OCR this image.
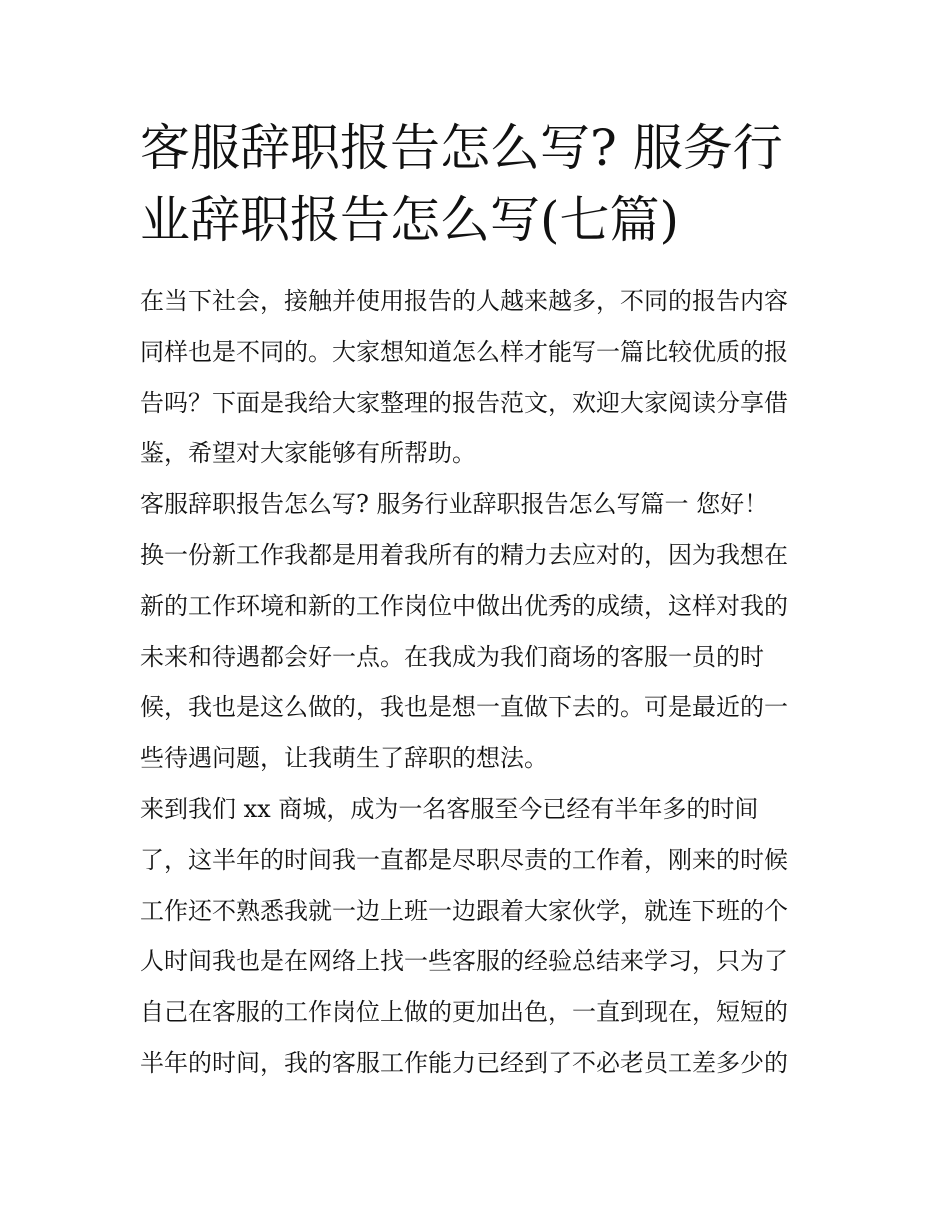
客服辞职报告怎么写? 服务行
业辞职报告怎么写(七篇)
在当下社会，接触并使用报告的人越来越多，不同的报告内容
同样也是不同的。大家想知道怎么样才能写一篇比较优质的报
告吗？下面是我给大家整理的报告范文，欢迎大家阅读分享借
鉴，希望对大家能够有所帮助。
客服辞职报告怎么写? 服务行业辞职报告怎么写篇一 您好！
换一份新工作我都是用着我所有的精力去应对的，因为我想在
新的工作环境和新的工作岗位中做出优秀的成绩，这样对我的
未来和待遇都会好一点。在我成为我们商场的客服一员的时
候，我也是这么做的，我也是想一直做下去的。可是最近的一
些待遇问题，让我萌生了辞职的想法。
来到我们 xx 商城，成为一名客服至今已经有半年多的时间
了，这半年的时间我一直都是尽职尽责的工作着，刚来的时候
工作还不熟悉我就一边上班一边跟着大家伙学，就连下班的个
人时间我也是在网络上找一些客服的经验总结来学习，只为了
自己在客服的工作岗位上做的更加出色，一直到现在，短短的
半年的时间，我的客服工作能力已经到了不必老员工差多少的
